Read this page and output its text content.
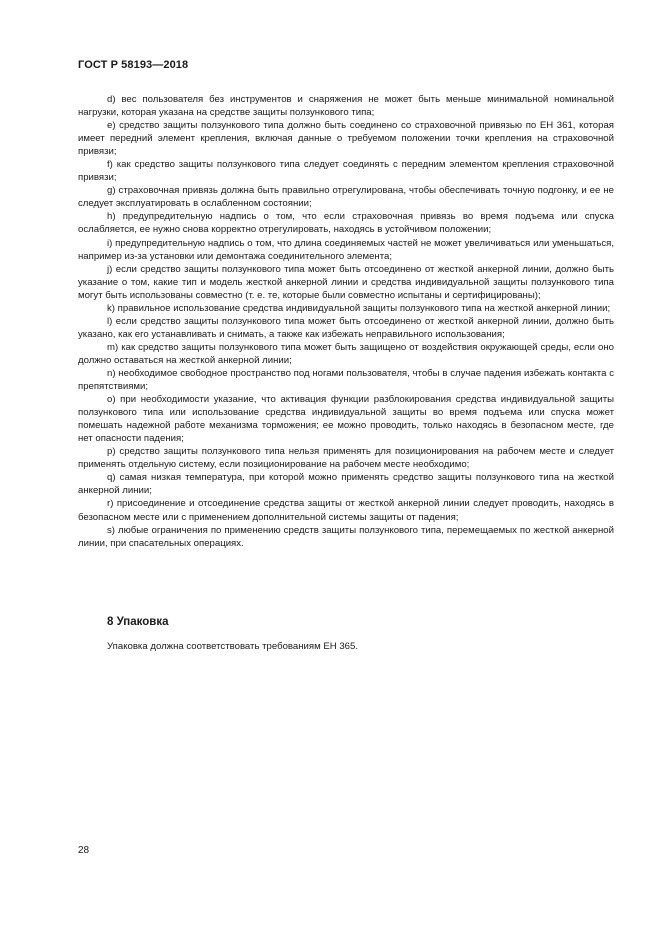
ГОСТ Р 58193—2018

d) вес пользователя без инструментов и снаряжения не может быть меньше минимальной номинальной нагрузки, которая указана на средстве защиты ползункового типа;

e) средство защиты ползункового типа должно быть соединено со страховочной привязью по ЕН 361, которая имеет передний элемент крепления, включая данные о требуемом положении точки крепления на страховочной привязи;

f) как средство защиты ползункового типа следует соединять с передним элементом крепления страховочной привязи;

g) страховочная привязь должна быть правильно отрегулирована, чтобы обеспечивать точную подгонку, и ее не следует эксплуатировать в ослабленном состоянии;

h) предупредительную надпись о том, что если страховочная привязь во время подъема или спуска ослабляется, ее нужно снова корректно отрегулировать, находясь в устойчивом положении;

i) предупредительную надпись о том, что длина соединяемых частей не может увеличиваться или уменьшаться, например из-за установки или демонтажа соединительного элемента;

j) если средство защиты ползункового типа может быть отсоединено от жесткой анкерной линии, должно быть указание о том, какие тип и модель жесткой анкерной линии и средства индивидуальной защиты ползункового типа могут быть использованы совместно (т. е. те, которые были совместно испытаны и сертифицированы);

k) правильное использование средства индивидуальной защиты ползункового типа на жесткой анкерной линии;

l) если средство защиты ползункового типа может быть отсоединено от жесткой анкерной линии, должно быть указано, как его устанавливать и снимать, а также как избежать неправильного использования;

m) как средство защиты ползункового типа может быть защищено от воздействия окружающей среды, если оно должно оставаться на жесткой анкерной линии;

n) необходимое свободное пространство под ногами пользователя, чтобы в случае падения избежать контакта с препятствиями;

o) при необходимости указание, что активация функции разблокирования средства индивидуальной защиты ползункового типа или использование средства индивидуальной защиты во время подъема или спуска может помешать надежной работе механизма торможения; ее можно проводить, только находясь в безопасном месте, где нет опасности падения;

p) средство защиты ползункового типа нельзя применять для позиционирования на рабочем месте и следует применять отдельную систему, если позиционирование на рабочем месте необходимо;

q) самая низкая температура, при которой можно применять средство защиты ползункового типа на жесткой анкерной линии;

r) присоединение и отсоединение средства защиты от жесткой анкерной линии следует проводить, находясь в безопасном месте или с применением дополнительной системы защиты от падения;

s) любые ограничения по применению средств защиты ползункового типа, перемещаемых по жесткой анкерной линии, при спасательных операциях.

8 Упаковка
Упаковка должна соответствовать требованиям ЕН 365.
28
